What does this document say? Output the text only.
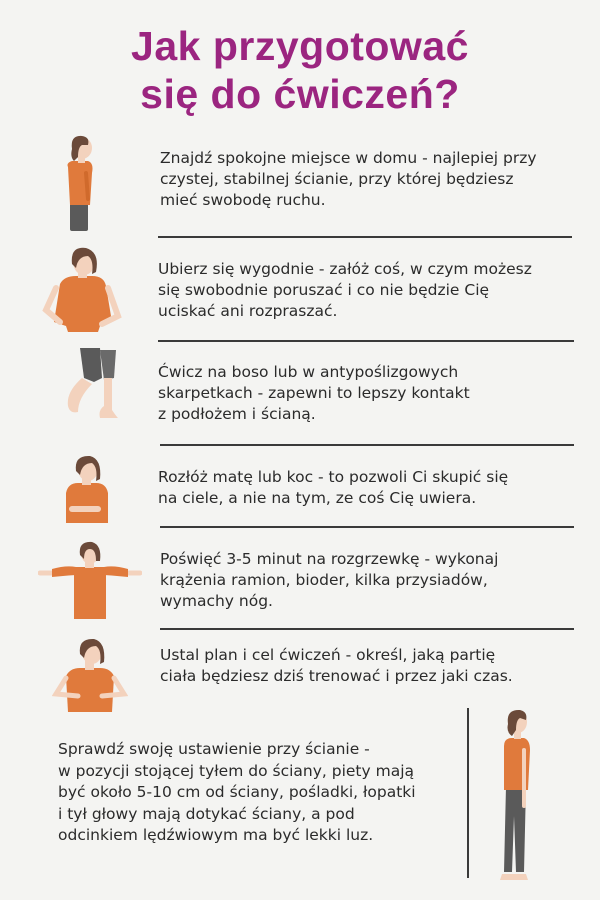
Jak przygotować
się do ćwiczeń?
Znajdź spokojne miejsce w domu - najlepiej przy
czystej, stabilnej ścianie, przy której będziesz
mieć swobodę ruchu.
Ubierz się wygodnie - załóż coś, w czym możesz
się swobodnie poruszać i co nie będzie Cię
uciskać ani rozpraszać.
Ćwicz na boso lub w antypoślizgowych
skarpetkach - zapewni to lepszy kontakt
z podłożem i ścianą.
Rozłóż matę lub koc - to pozwoli Ci skupić się
na ciele, a nie na tym, ze coś Cię uwiera.
Poświęć 3-5 minut na rozgrzewkę - wykonaj
krążenia ramion, bioder, kilka przysiadów,
wymachy nóg.
Ustal plan i cel ćwiczeń - określ, jaką partię
ciała będziesz dziś trenować i przez jaki czas.
Sprawdź swoję ustawienie przy ścianie -
w pozycji stojącej tyłem do ściany, piety mają
być około 5-10 cm od ściany, pośladki, łopatki
i tył głowy mają dotykać ściany, a pod
odcinkiem lędźwiowym ma być lekki luz.
